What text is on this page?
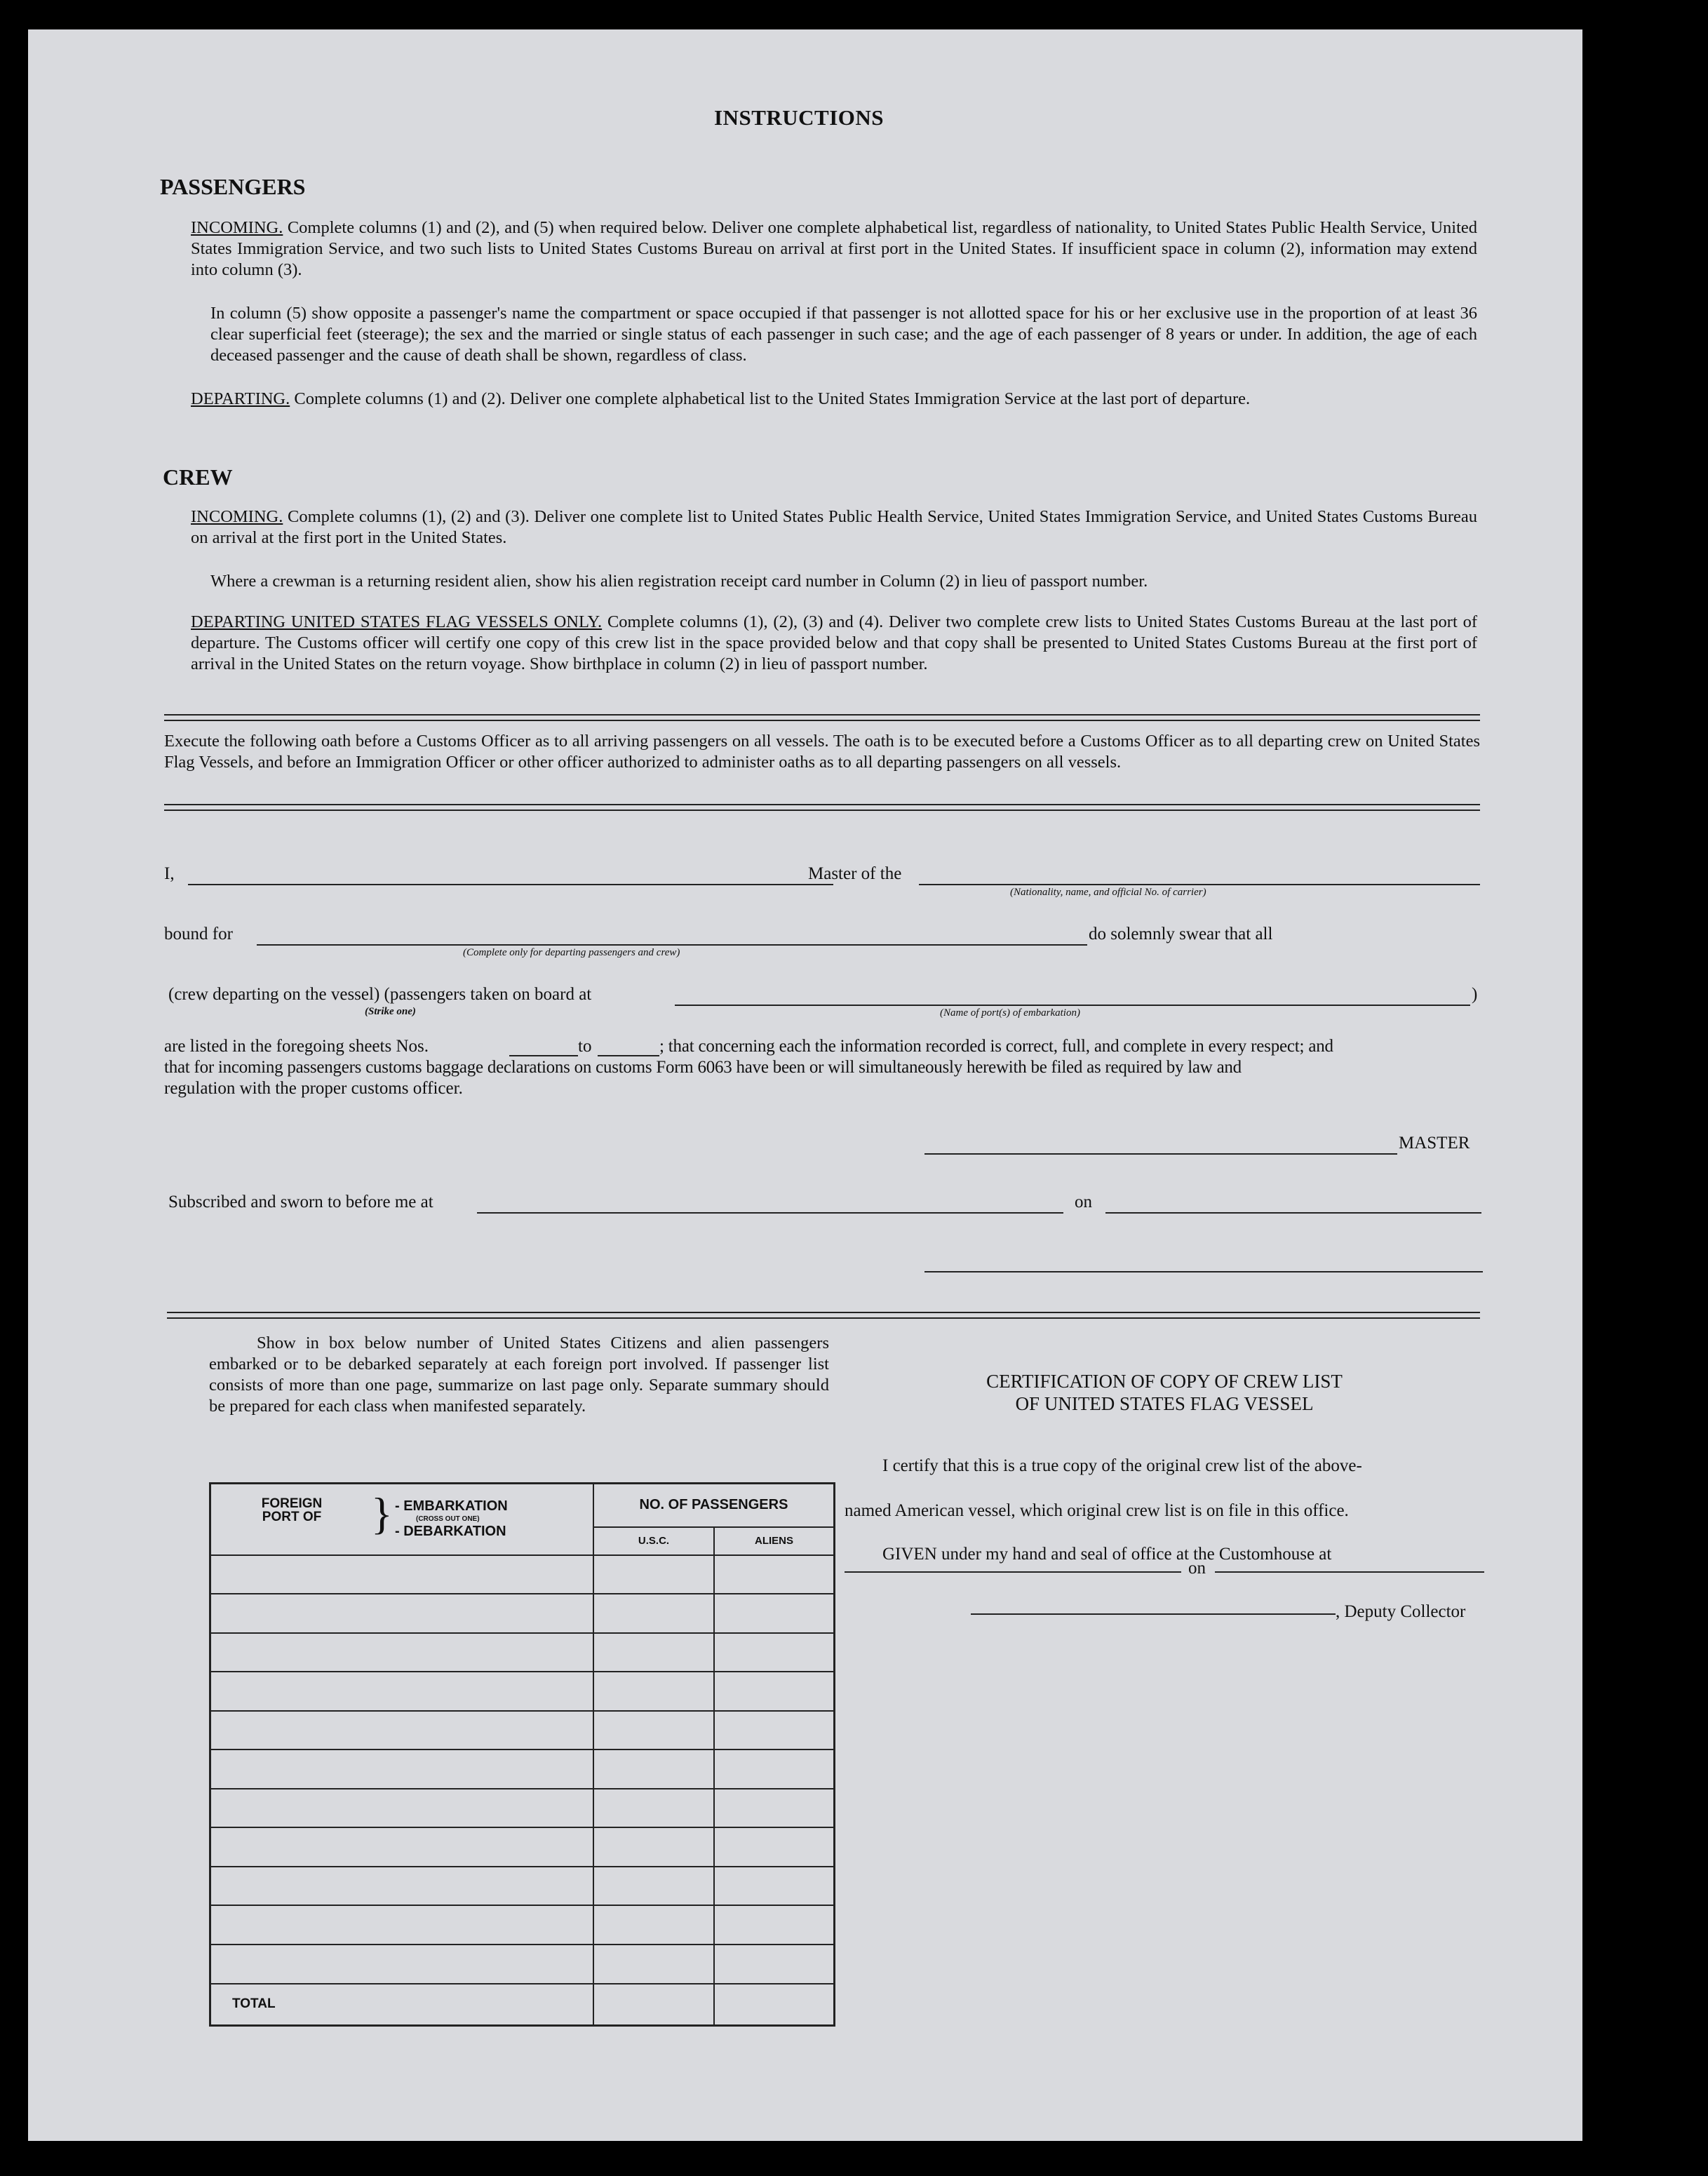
INSTRUCTIONS
PASSENGERS
INCOMING. Complete columns (1) and (2), and (5) when required below. Deliver one complete alphabetical list, regardless of nationality, to United States Public Health Service, United States Immigration Service, and two such lists to United States Customs Bureau on arrival at first port in the United States. If insufficient space in column (2), information may extend into column (3).
In column (5) show opposite a passenger's name the compartment or space occupied if that passenger is not allotted space for his or her exclusive use in the proportion of at least 36 clear superficial feet (steerage); the sex and the married or single status of each passenger in such case; and the age of each passenger of 8 years or under. In addition, the age of each deceased passenger and the cause of death shall be shown, regardless of class.
DEPARTING. Complete columns (1) and (2). Deliver one complete alphabetical list to the United States Immigration Service at the last port of departure.
CREW
INCOMING. Complete columns (1), (2) and (3). Deliver one complete list to United States Public Health Service, United States Immigration Service, and United States Customs Bureau on arrival at the first port in the United States.
Where a crewman is a returning resident alien, show his alien registration receipt card number in Column (2) in lieu of passport number.
DEPARTING UNITED STATES FLAG VESSELS ONLY. Complete columns (1), (2), (3) and (4). Deliver two complete crew lists to United States Customs Bureau at the last port of departure. The Customs officer will certify one copy of this crew list in the space provided below and that copy shall be presented to United States Customs Bureau at the first port of arrival in the United States on the return voyage. Show birthplace in column (2) in lieu of passport number.
Execute the following oath before a Customs Officer as to all arriving passengers on all vessels. The oath is to be executed before a Customs Officer as to all departing crew on United States Flag Vessels, and before an Immigration Officer or other officer authorized to administer oaths as to all departing passengers on all vessels.
I,	Master of the
(Nationality, name, and official No. of carrier)
bound for
(Complete only for departing passengers and crew)
do solemnly swear that all
(crew departing on the vessel) (passengers taken on board at
(Strike one)	(Name of port(s) of embarkation)
)
are listed in the foregoing sheets Nos.	to	; that concerning each the information recorded is correct, full, and complete in every respect; and
that for incoming passengers customs baggage declarations on customs Form 6063 have been or will simultaneously herewith be filed as required by law and
regulation with the proper customs officer.
MASTER
Subscribed and sworn to before me at	on
Show in box below number of United States Citizens and alien passengers embarked or to be debarked separately at each foreign port involved. If passenger list consists of more than one page, summarize on last page only. Separate summary should be prepared for each class when manifested separately.
FOREIGN PORT OF } - EMBARKATION
(CROSS OUT ONE)
- DEBARKATION	NO. OF PASSENGERS	
	U.S.C.	ALIENS

TOTAL		
CERTIFICATION OF COPY OF CREW LIST
OF UNITED STATES FLAG VESSEL
I certify that this is a true copy of the original crew list of the above-
named American vessel, which original crew list is on file in this office.
GIVEN under my hand and seal of office at the Customhouse at
on
, Deputy Collector
